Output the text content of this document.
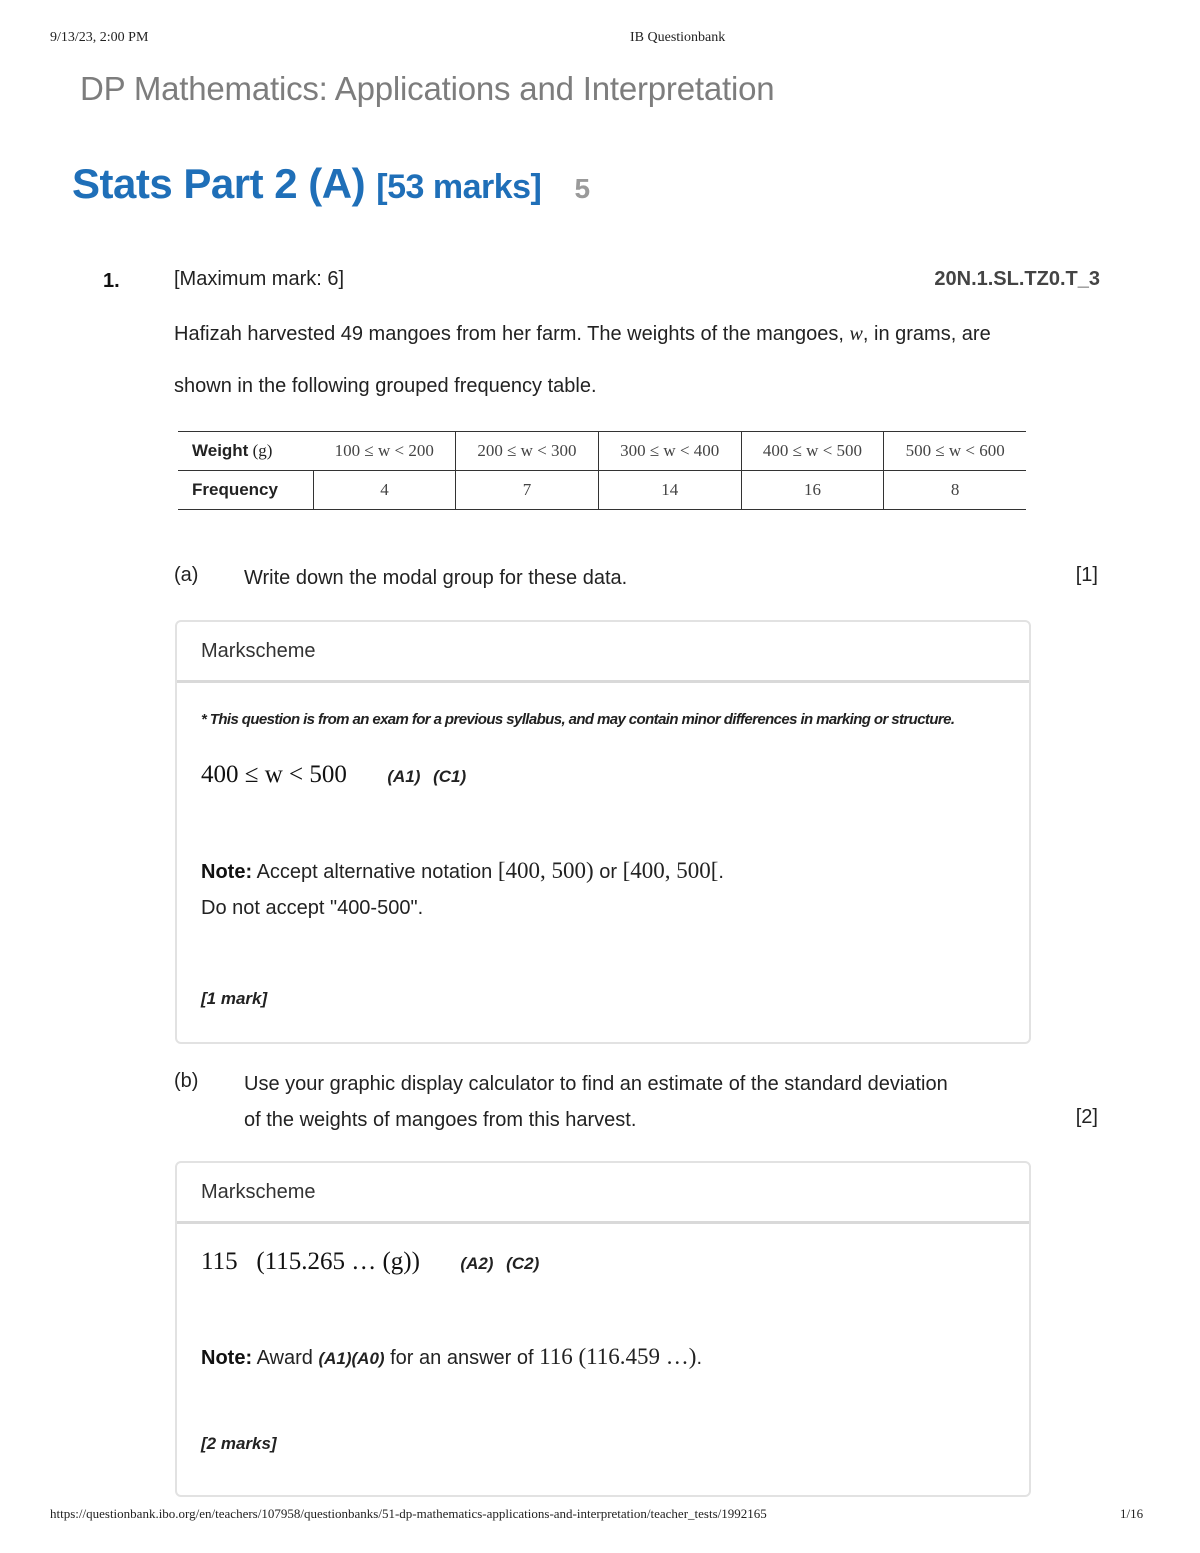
9/13/23, 2:00 PM	IB Questionbank
DP Mathematics: Applications and Interpretation
Stats Part 2 (A) [53 marks] 5
1.	[Maximum mark: 6]	20N.1.SL.TZ0.T_3
Hafizah harvested 49 mangoes from her farm. The weights of the mangoes, w, in grams, are shown in the following grouped frequency table.
Weight (g)	100 ≤ w < 200	200 ≤ w < 300	300 ≤ w < 400	400 ≤ w < 500	500 ≤ w < 600
Frequency	4	7	14	16	8
(a) Write down the modal group for these data.	[1]
Markscheme
* This question is from an exam for a previous syllabus, and may contain minor differences in marking or structure.
400 ≤ w < 500 (A1) (C1)
Note: Accept alternative notation [400, 500) or [400, 500[.
Do not accept "400-500".
[1 mark]
(b) Use your graphic display calculator to find an estimate of the standard deviation of the weights of mangoes from this harvest.	[2]
Markscheme
115   (115.265 … (g)) (A2) (C2)
Note: Award (A1)(A0) for an answer of 116 (116.459 …).
[2 marks]
https://questionbank.ibo.org/en/teachers/107958/questionbanks/51-dp-mathematics-applications-and-interpretation/teacher_tests/1992165	1/16
